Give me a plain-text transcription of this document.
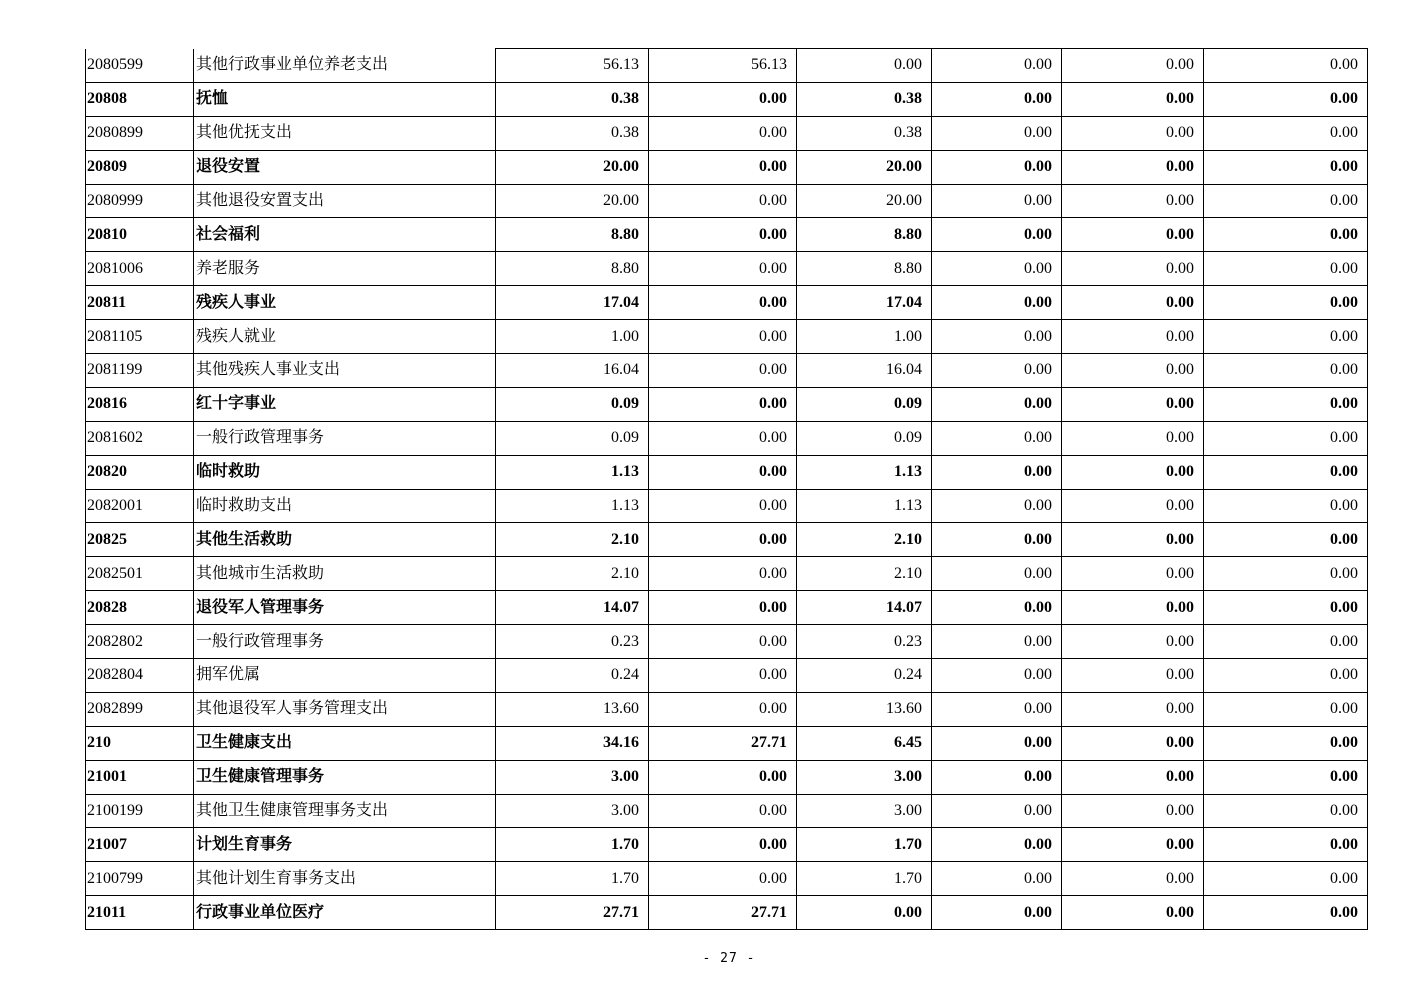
2080599	其他行政事业单位养老支出	56.13	56.13	0.00	0.00	0.00	0.00
20808	抚恤	0.38	0.00	0.38	0.00	0.00	0.00
2080899	其他优抚支出	0.38	0.00	0.38	0.00	0.00	0.00
20809	退役安置	20.00	0.00	20.00	0.00	0.00	0.00
2080999	其他退役安置支出	20.00	0.00	20.00	0.00	0.00	0.00
20810	社会福利	8.80	0.00	8.80	0.00	0.00	0.00
2081006	养老服务	8.80	0.00	8.80	0.00	0.00	0.00
20811	残疾人事业	17.04	0.00	17.04	0.00	0.00	0.00
2081105	残疾人就业	1.00	0.00	1.00	0.00	0.00	0.00
2081199	其他残疾人事业支出	16.04	0.00	16.04	0.00	0.00	0.00
20816	红十字事业	0.09	0.00	0.09	0.00	0.00	0.00
2081602	一般行政管理事务	0.09	0.00	0.09	0.00	0.00	0.00
20820	临时救助	1.13	0.00	1.13	0.00	0.00	0.00
2082001	临时救助支出	1.13	0.00	1.13	0.00	0.00	0.00
20825	其他生活救助	2.10	0.00	2.10	0.00	0.00	0.00
2082501	其他城市生活救助	2.10	0.00	2.10	0.00	0.00	0.00
20828	退役军人管理事务	14.07	0.00	14.07	0.00	0.00	0.00
2082802	一般行政管理事务	0.23	0.00	0.23	0.00	0.00	0.00
2082804	拥军优属	0.24	0.00	0.24	0.00	0.00	0.00
2082899	其他退役军人事务管理支出	13.60	0.00	13.60	0.00	0.00	0.00
210	卫生健康支出	34.16	27.71	6.45	0.00	0.00	0.00
21001	卫生健康管理事务	3.00	0.00	3.00	0.00	0.00	0.00
2100199	其他卫生健康管理事务支出	3.00	0.00	3.00	0.00	0.00	0.00
21007	计划生育事务	1.70	0.00	1.70	0.00	0.00	0.00
2100799	其他计划生育事务支出	1.70	0.00	1.70	0.00	0.00	0.00
21011	行政事业单位医疗	27.71	27.71	0.00	0.00	0.00	0.00
- 27 -
